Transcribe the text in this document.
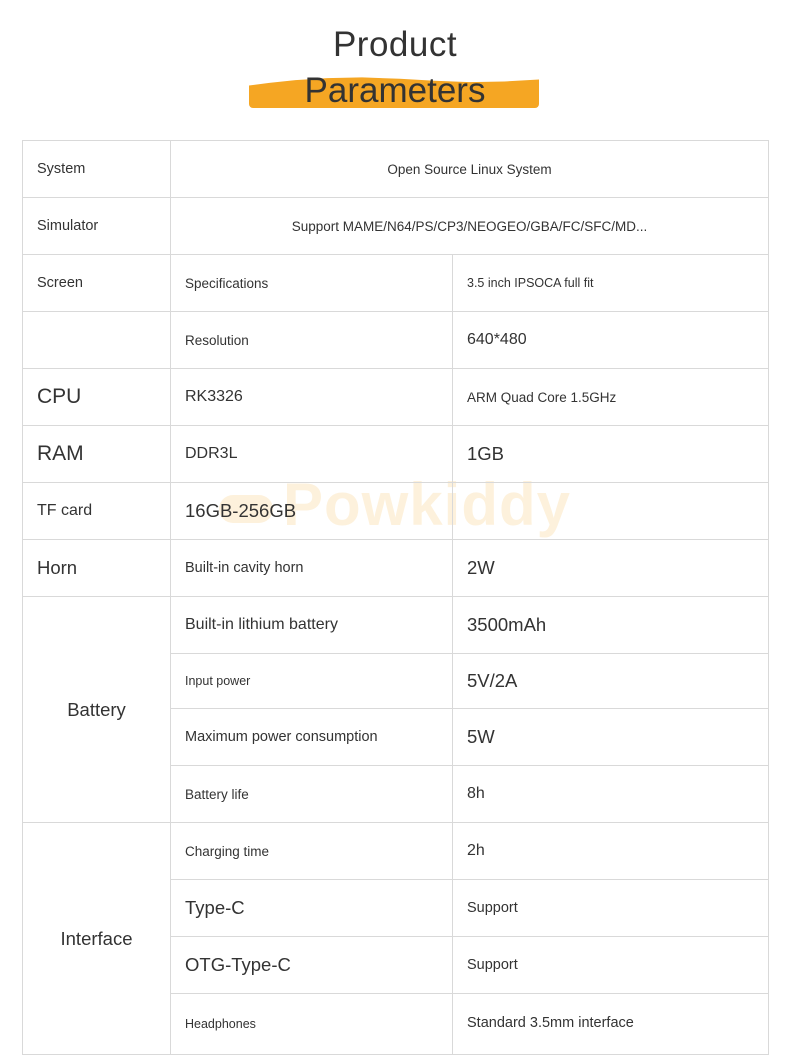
Product
Parameters
Powkiddy
System	Open Source Linux System	
Simulator	Support MAME/N64/PS/CP3/NEOGEO/GBA/FC/SFC/MD...	
Screen	Specifications	3.5 inch IPSOCA full fit
	Resolution	640*480
CPU	RK3326	ARM Quad Core 1.5GHz
RAM	DDR3L	1GB
TF card	16GB-256GB	
Horn	Built-in cavity horn	2W
Battery	Built-in lithium battery	3500mAh
	Input power	5V/2A
	Maximum power consumption	5W
	Battery life	8h
Interface	Charging time	2h
	Type-C	Support
	OTG-Type-C	Support
	Headphones	Standard 3.5mm interface
